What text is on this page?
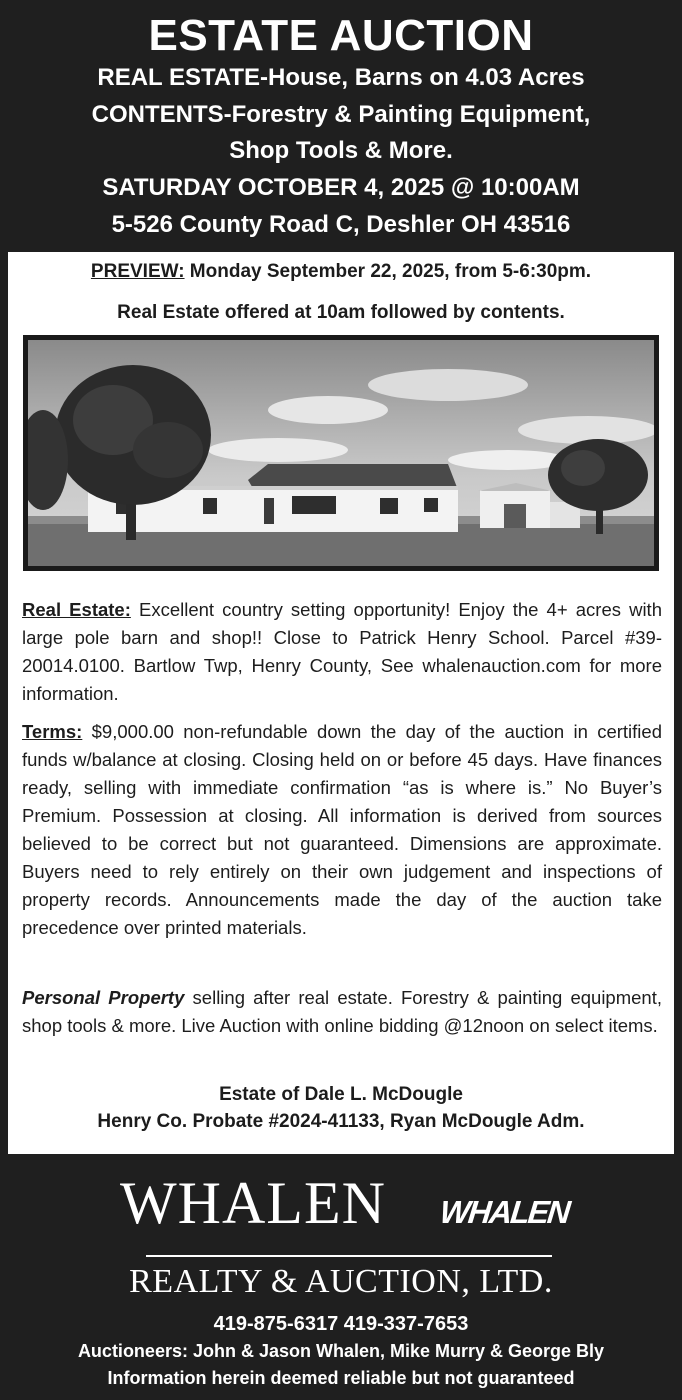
ESTATE AUCTION
REAL ESTATE-House, Barns on 4.03 Acres
CONTENTS-Forestry & Painting Equipment,
Shop Tools & More.
SATURDAY OCTOBER 4, 2025 @ 10:00AM
5-526 County Road C, Deshler OH 43516
PREVIEW: Monday September 22, 2025, from 5-6:30pm.
Real Estate offered at 10am followed by contents.
Real Estate: Excellent country setting opportunity! Enjoy the 4+ acres with large pole barn and shop!! Close to Patrick Henry School. Parcel #39-20014.0100. Bartlow Twp, Henry County, See whalenauction.com for more information.
Terms: $9,000.00 non-refundable down the day of the auction in certified funds w/balance at closing. Closing held on or before 45 days. Have finances ready, selling with immediate confirmation “as is where is.” No Buyer’s Premium. Possession at closing. All information is derived from sources believed to be correct but not guaranteed. Dimensions are approximate. Buyers need to rely entirely on their own judgement and inspections of property records. Announcements made the day of the auction take precedence over printed materials.
Personal Property selling after real estate. Forestry & painting equipment, shop tools & more. Live Auction with online bidding @12noon on select items.
Estate of Dale L. McDougle
Henry Co. Probate #2024-41133, Ryan McDougle Adm.
WHALEN	WHALEN
REALTY & AUCTION, LTD.
419-875-6317 419-337-7653
Auctioneers: John & Jason Whalen, Mike Murry & George Bly
Information herein deemed reliable but not guaranteed
